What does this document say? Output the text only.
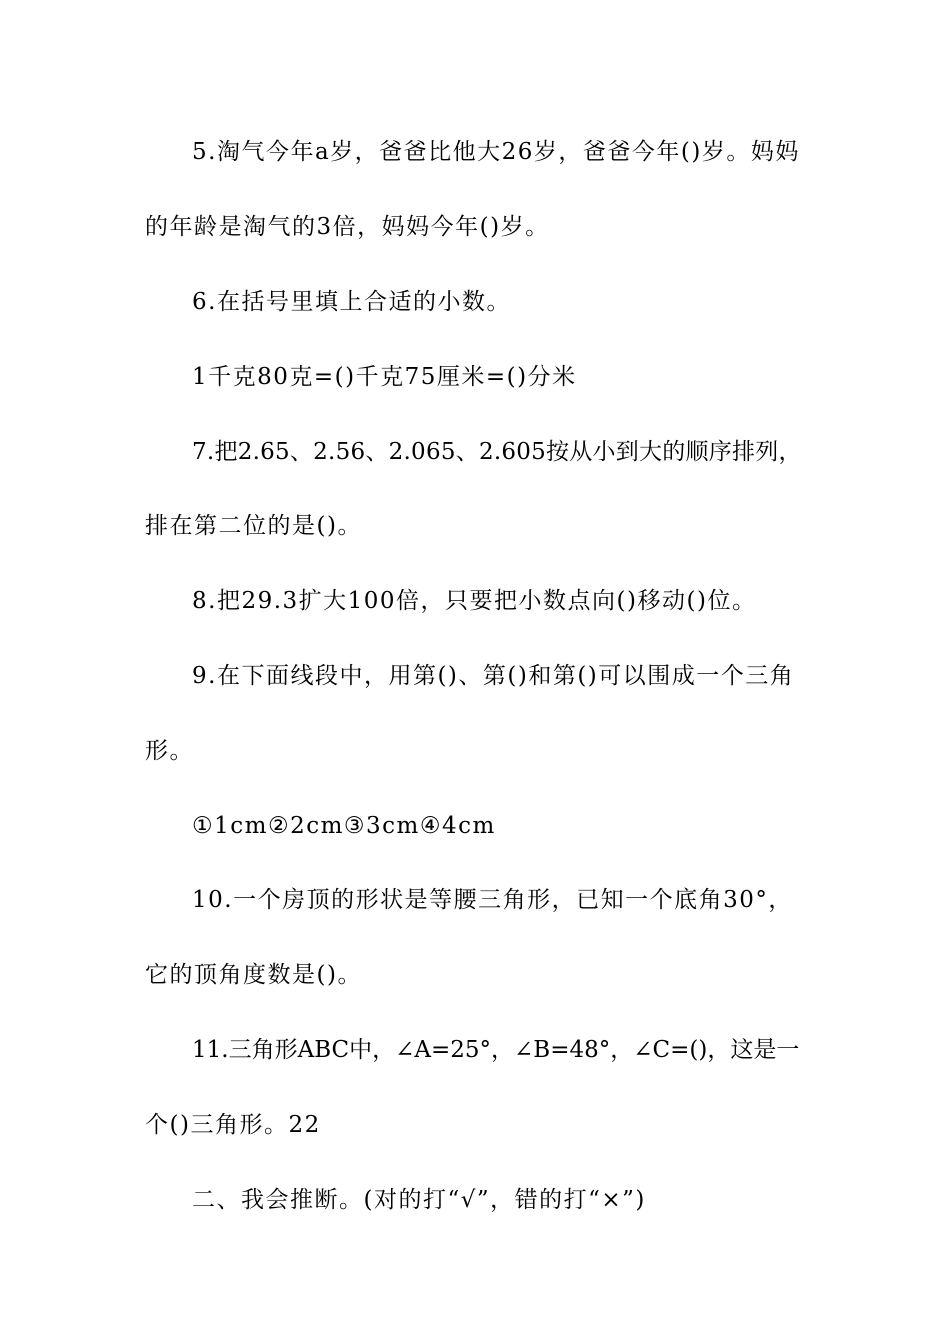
5.淘气今年a岁，爸爸比他大26岁，爸爸今年()岁。妈妈
的年龄是淘气的3倍，妈妈今年()岁。
6.在括号里填上合适的小数。
1千克80克=()千克75厘米=()分米
7.把2.65、2.56、2.065、2.605按从小到大的顺序排列，
排在第二位的是()。
8.把29.3扩大100倍，只要把小数点向()移动()位。
9.在下面线段中，用第()、第()和第()可以围成一个三角
形。
①1cm②2cm③3cm④4cm
10.一个房顶的形状是等腰三角形，已知一个底角30°，
它的顶角度数是()。
11.三角形ABC中，∠A=25°，∠B=48°，∠C=()，这是一
个()三角形。22
二、我会推断。(对的打“√”，错的打“×”)
